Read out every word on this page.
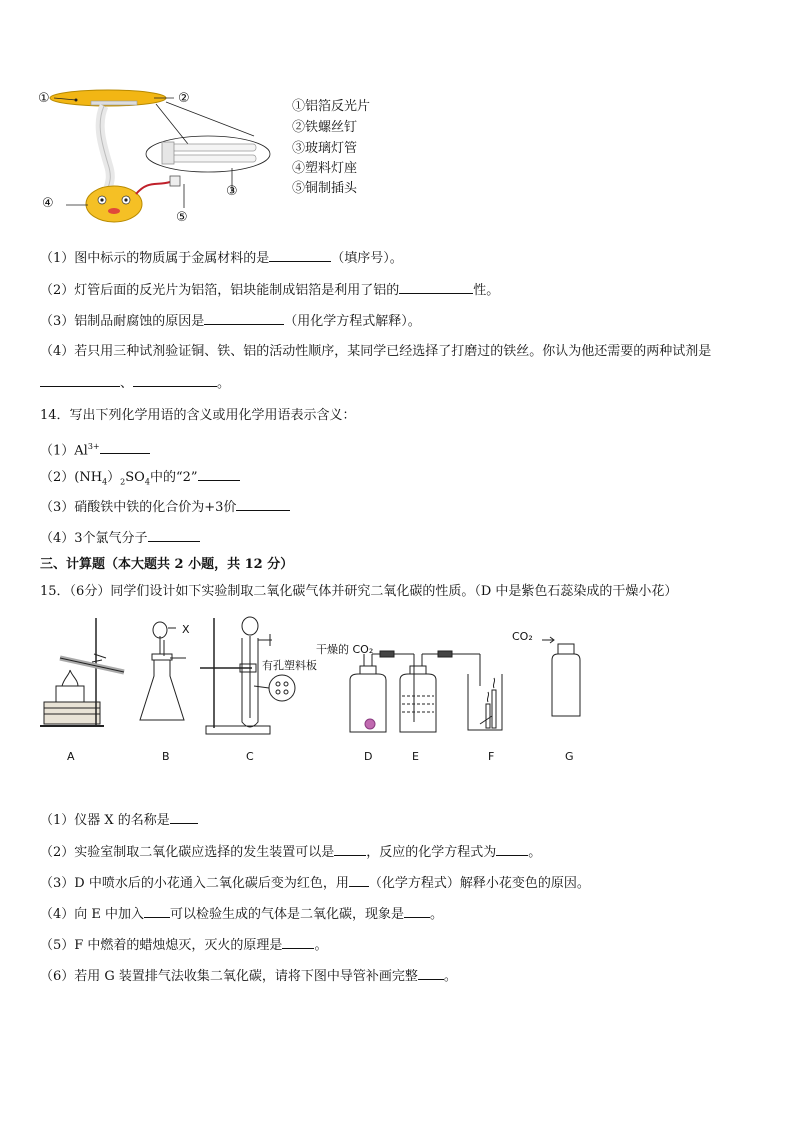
①	②
③
④
⑤
①铝箔反光片
②铁螺丝钉
③玻璃灯管
④塑料灯座
⑤铜制插头
（1）图中标示的物质属于金属材料的是	（填序号）。
（2）灯管后面的反光片为铝箔，铝块能制成铝箔是利用了铝的	性。
（3）铝制品耐腐蚀的原因是	（用化学方程式解释）。
（4）若只用三种试剂验证铜、铁、铝的活动性顺序，某同学已经选择了打磨过的铁丝。你认为他还需要的两种试剂是
、	。
14．写出下列化学用语的含义或用化学用语表示含义：
$(1)Al^{3+}$
$(2)(NH_4)_2SO_4$中的“2”
（3）硝酸铁中铁的化合价为+3价
（4）3个氯气分子
三、计算题（本大题共 2 小题，共 12 分）
15．（6分）同学们设计如下实验制取二氧化碳气体并研究二氧化碳的性质。（D 中是紫色石蕊染成的干燥小花）
X
有孔塑料板
干燥的 CO₂
CO₂
A	B	C	D	E	F	G
（1）仪器 X 的名称是
（2）实验室制取二氧化碳应选择的发生装置可以是 ，反应的化学方程式为 。
（3）D 中喷水后的小花通入二氧化碳后变为红色，用 （化学方程式）解释小花变色的原因。
（4）向 E 中加入 可以检验生成的气体是二氧化碳，现象是 。
（5）F 中燃着的蜡烛熄灭，灭火的原理是 。
（6）若用 G 装置排气法收集二氧化碳，请将下图中导管补画完整 。
